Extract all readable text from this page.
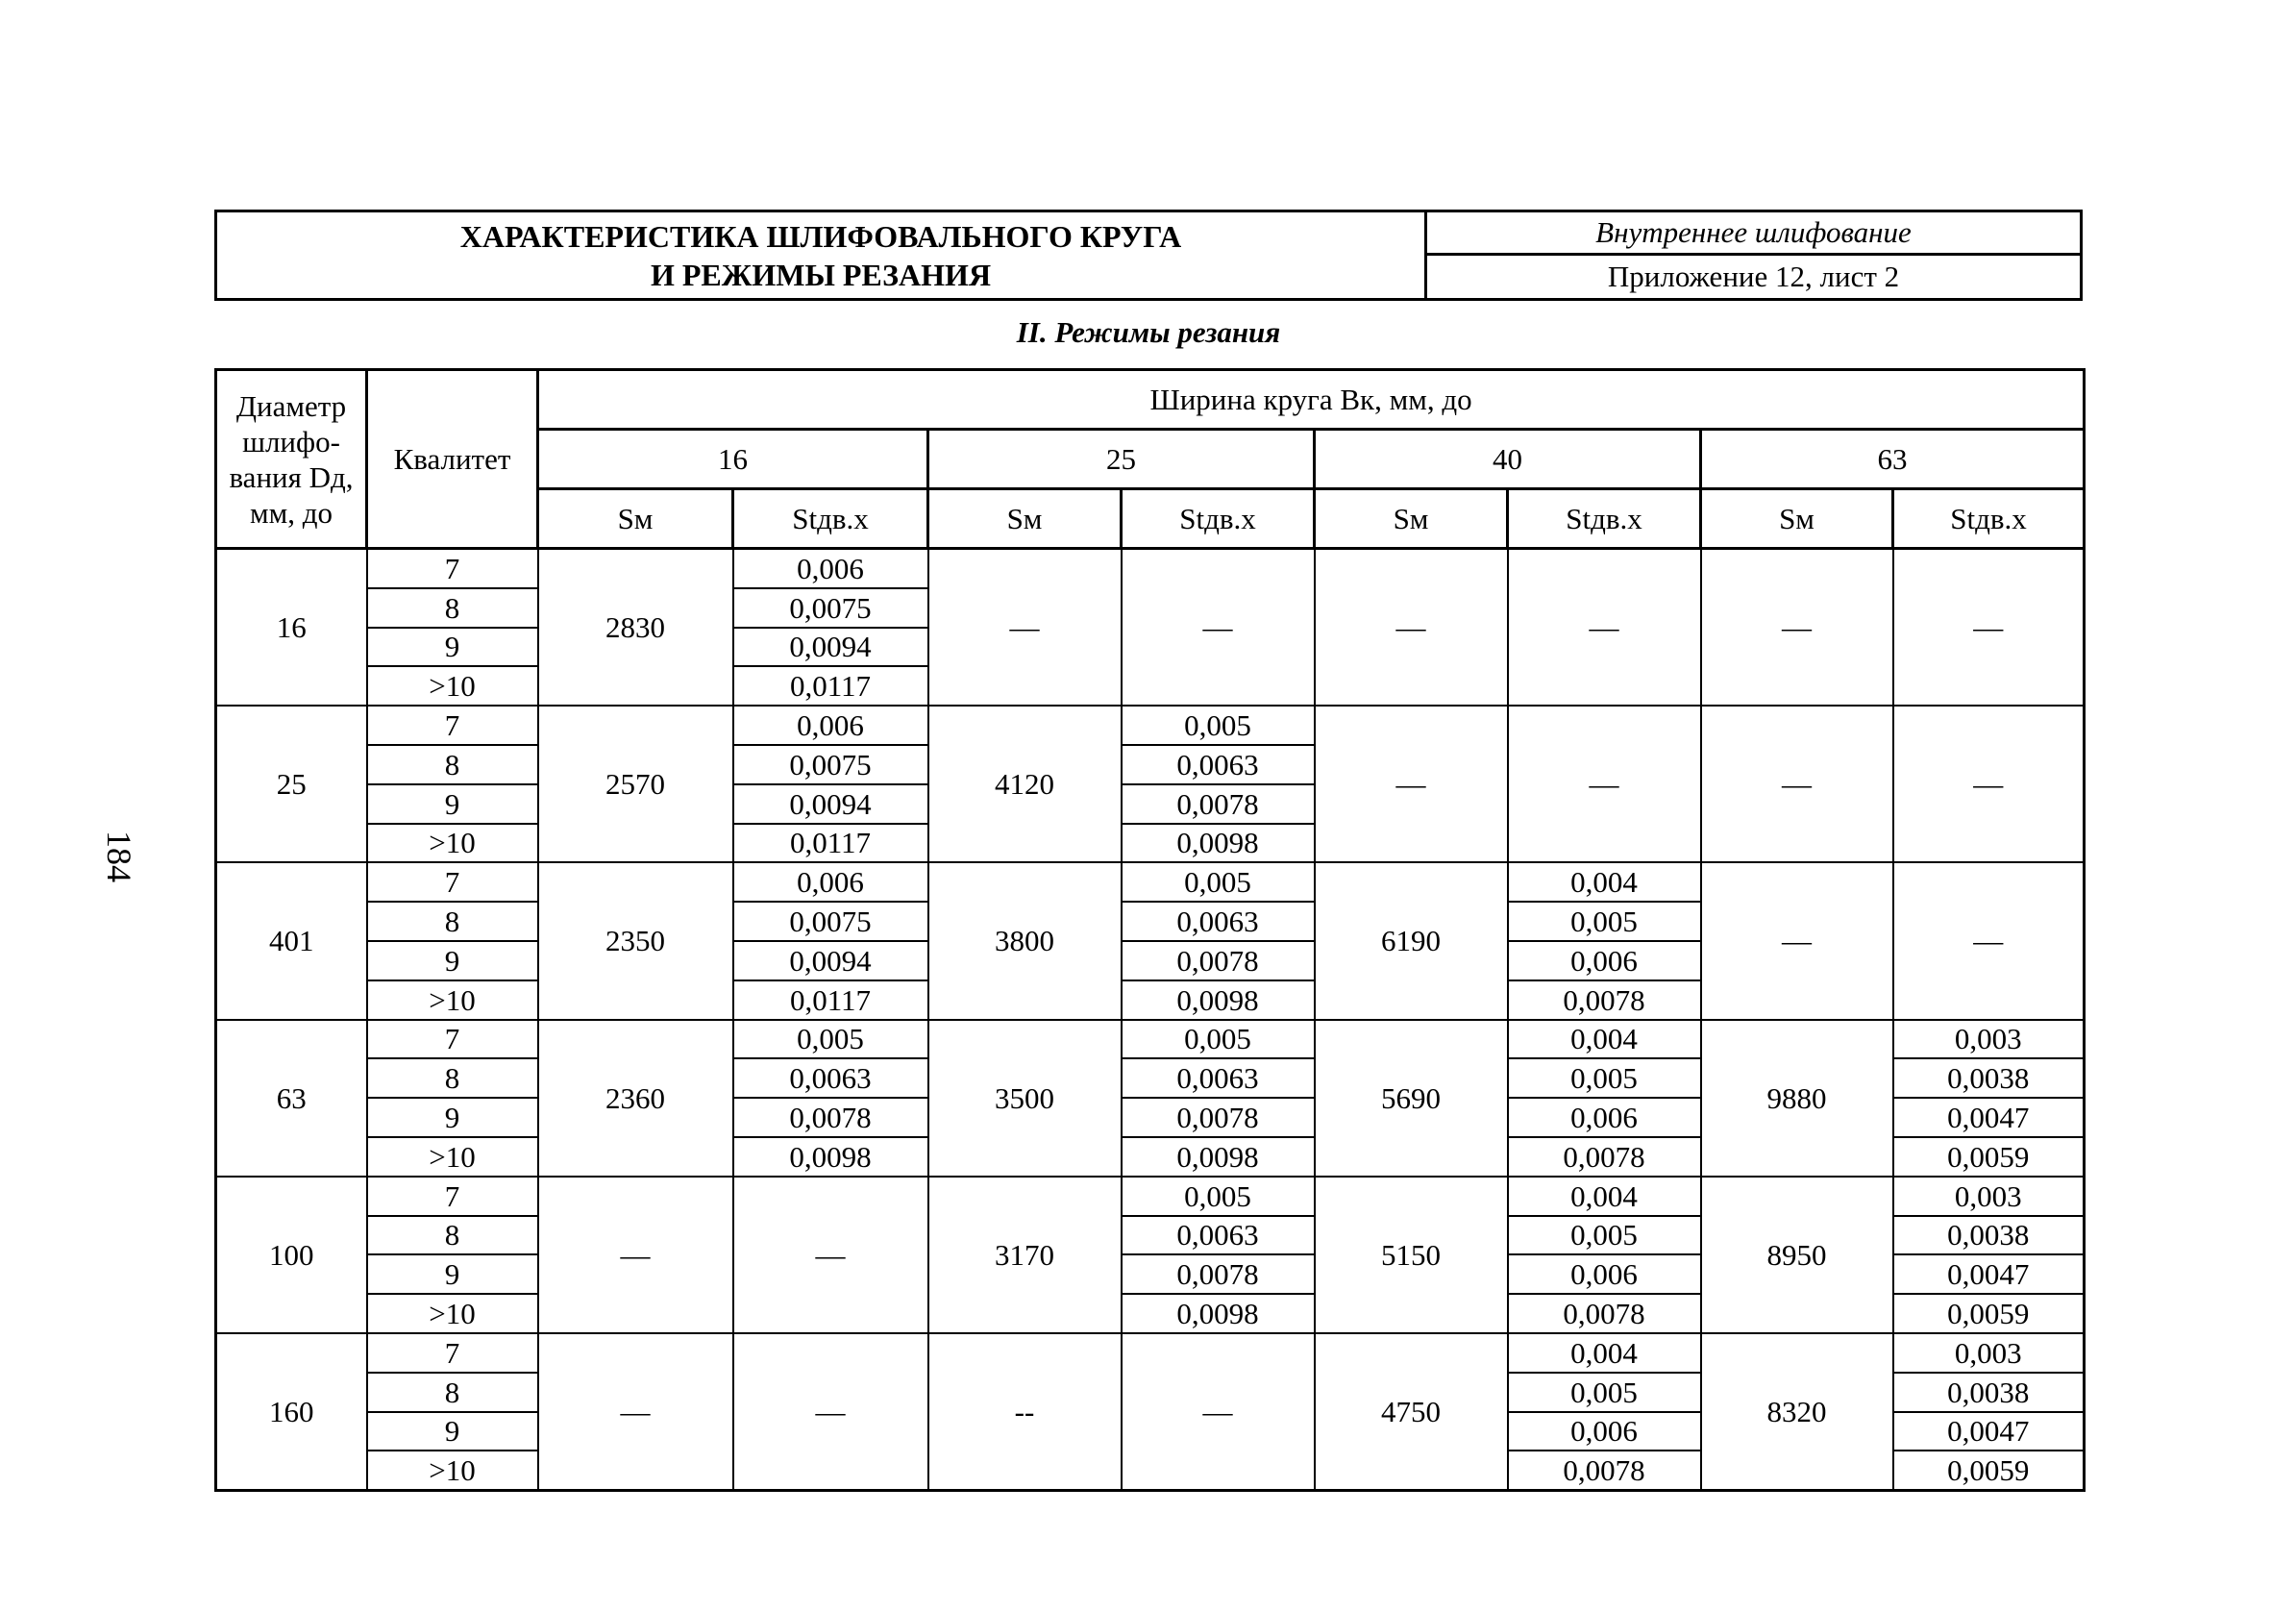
184
ХАРАКТЕРИСТИКА ШЛИФОВАЛЬНОГО КРУГА
И РЕЖИМЫ РЕЗАНИЯ
	Внутреннее шлифование
Приложение 12, лист 2
II. Режимы резания
Диаметр
шлифо-
вания Dд,
мм, до	Квалитет	Ширина круга Вк, мм, до							
		16		25		40		63	
		Sм	Stдв.x	Sм	Stдв.x	Sм	Stдв.x	Sм	Stдв.x
16	7	2830	0,006	—	—	—	—	—	—
	8		0,0075						
	9		0,0094						
	>10		0,0117						
25	7	2570	0,006	4120	0,005	—	—	—	—
	8		0,0075		0,0063				
	9		0,0094		0,0078				
	>10		0,0117		0,0098				
401	7	2350	0,006	3800	0,005	6190	0,004	—	—
	8		0,0075		0,0063		0,005		
	9		0,0094		0,0078		0,006		
	>10		0,0117		0,0098		0,0078		
63	7	2360	0,005	3500	0,005	5690	0,004	9880	0,003
	8		0,0063		0,0063		0,005		0,0038
	9		0,0078		0,0078		0,006		0,0047
	>10		0,0098		0,0098		0,0078		0,0059
100	7	—	—	3170	0,005	5150	0,004	8950	0,003
	8				0,0063		0,005		0,0038
	9				0,0078		0,006		0,0047
	>10				0,0098		0,0078		0,0059
160	7	—	—	--	—	4750	0,004	8320	0,003
	8						0,005		0,0038
	9						0,006		0,0047
	>10						0,0078		0,0059
